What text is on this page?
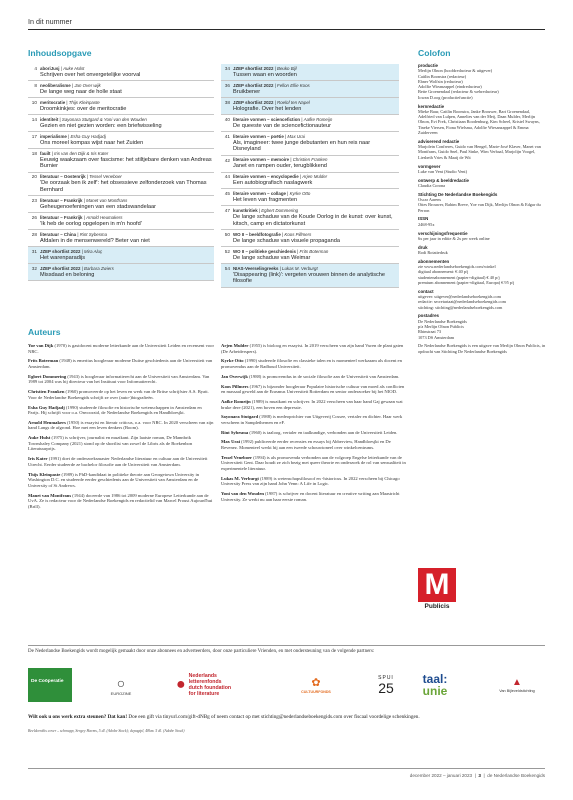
In dit nummer
Inhoudsopgave	Colofon
4 aboriJusj | Auke Hulst
Schrijven over het onvergetelijke voorval
8 neoliberalisme | Jan Over wijk
De lange weg naar de holle staat
10 meritocratie | Thijs Kleinpaste
Droomkinkjes: over de meritocratie
14 identiteit | Sayonara Stutgard & Yoni van den Wouden
Gezien en niet gezien worden: een briefwisseling
17 imperialisme | Esha Guy Hadjadj
Ons moreel kompas wijst naar het Zuiden
18 fauilt | Iris van den Dijk & Iris Kater
Eeuwig waakzaam over fascisme: het stiltjebare denken van Andreas Burnier
20 literatuur – Oostenrijk | Tessel Veneboer
'De oorzaak ben ik zelf': het obsessieve zelfonderzoek van Thomas Bernhard
23 literatuur – Frankrijk | Manet van Montfrans
Geheugenoefeningen van een stadswandelaar
26 literatuur – Frankrijk | Arnold Heumakers
'Ik heb de oorlog opgelopen in m'n hoofd'
28 literatuur – China | Rint Sybesma
Afdalen in de mensenwereld? Beter van niet
31 JZEP shortlist 2022 | Mira Aluç
Het warenparadijs
32 JZEP shortlist 2022 | Barbara Zwiers
Missdaad en beloning
34 JZEP shortlist 2022 | Beuko Bijl
Tussen waan en woorden
36 JZEP shortlist 2022 | Fellon Ellie Koos
Bruikbener
38 JZEP shortlist 2022 | Roelof ten Napel
Holografie. Over het lenden
40 literaire vormen – sciencefiction | Aafke Romeijn
De queeste van de sciencefictionauteur
41 literaire vormen – poëtie | Max Urai
Als, imagineer: twee junge debutanten en hun reis naar Disneyland
42 literaire vormen – memoire | Christien Franken
Janet en rampen ouder, terugblikkend
44 literaire vormen – encyclopedie | Arjen Mulder
Een autobiografisch naslagwerk
45 literaire vormen – collage | Kyrke Otto
Het leven van fragmenten
47 kunstkritiek | Egbert Dommering
De lange schaduw van de Koude Oorlog in de kunst: over kunst, kitsch, camp en dictatorkunst
50 WO II – beeldfotografie | Koos Pillmers
De lange schaduw van visuele propaganda
52 WO II – politieke geschiedenis | Frits Boterman
De lange schaduw van Weimar
54 NIAS-Veerselingreeks | Lukas M. Verburgt
'Disappearing (link)': vergeten vrouwen binnen de analytische filosofie
productie
Merlijn Olnon (hoofdredacteur & uitgever)
Caitlin Boonstra (redacteur)
Ebner Wolfsin (redacteur)
Adolfie Wieanzappel (eindredacteur)
Bette Groenendaal (redacteur & webredacteur)
Iowan D.oog (productiefunctie)
kernredactie
Mieke Baur, Caitlin Boonstra, Janke Brouwer, Bart Groenendaal, Adelfried van Lulpen, Annelies van der Meij, Daan Mulder, Merlijn Olnon, Evi Frek, Christiaan Roodenburg, Kim Scheel, Kristel Swuyns, Tineke Viersen, Fiona Wielsma, Adolfie Wiesanzappel & Emma Zuiderveen
adviserend redactie
Marjolein Confreres, Guido van Hengel, Marie-José Klaver, Manet van Montfrans, Guido Snel, Paul Sinke, Wim Verbaal, Marjolijn Voogel, Liesbeth Vries & Maaij de Wit
vormgever
Luke van Vent (Studio Vent)
ontwerp & beeldredactie
Claudia Corona
Stichting De Nederlandse Boekengids
Oscar Aarens
Ottes Brouwer, Rahim Breve, Yoe van Dijk, Merlijn Olnon & Edgar du Perron
ISSN
2468-95x
verschijningsfrequentie
6x per jaar in editie & 2x per week online
druk
Rodi Rotatiedruk
abonnementen
zie www.nederlandseboekengids.com/winkel
digitaal abonnement: € 40 p/j
studentenabonnement (papier+digitaal) € 40 p/j
premium abonnement (papier+digitaal, Europa) € 95 p/j
contact
uitgever: uitgever@nederlandseboekengids.com
redactie: secretariaat@nederlandseboekengids.com
stichting: stichting@nederlandseboekengids.com
postadres
De Nederlandse Boekengids
p/a Merlijn Olnon Publicis
Rhinstraat 73
1073 DS Amsterdam
De Nederlandse Boekengids is een uitgave van Merlijn Olnon Publicis, in opdracht van Stichting De Nederlandse Boekengids
Auteurs
Yoe van Dijk (1970) is gastdocent moderne letterkunde aan de Universiteit Leiden en recensent voor NRC.
Frits Boterman (1948) is emeritus hoogleraar moderne Duitse geschiedenis aan de Universiteit van Amsterdam.
Egbert Dommering (1943) is hoogleraar informatierecht aan de Universiteit van Amsterdam. Van 1989 tot 2004 was hij directeur van het Instituut voor Informatierecht.
Christien Franken (1960) promoveerde op het leven en werk van de Britse schrijfster A.S. Byatt. Voor de Nederlandse Boekengids schrijft ze over (auto-)biografieën.
Esha Guy Hadjadj (1990) studeerde filosofie en historische wetenschappen in Amsterdam en Parijs. Hij schrijft voor o.a. Onvoorzid, de Nederlandse Boekengids en Handbloesjkt.
Arnold Heumakers (1950) is essayist en literair criticus, o.a. voor NRC. In 2020 verscheen van zijn hand Langs de afgrond. Hoe met een leven denkers (Boom).
Auke Hulst (1975) is schrijver, journalist en muzikant. Zijn laatste roman, De Mannbrik Townshaley Company (2021) stond op de shortlist van zowel de Libris als de Boekenbon Literatuurprijs.
Iris Kater (1991) doet de onderzoeksmaster Nederlandse literatuur en cultuur aan de Universiteit Utrecht. Eerder studeerde ze bachelor filosofie aan de Universiteit van Amsterdam.
Thijs Kleinpaste (1989) is PhD-kandidaat in politieke theorie aan Georgetown University in Washington D.C. en studeerde eerder geschiedenis aan de Universiteit van Amsterdam en de University of St Andrews.
Manet van Montfrans (1944) doceerde van 1986 tot 2009 moderne Europese Letterkunde aan de UvA. Ze is redacteur voor de Nederlandse Boekengids en redactielid van Marcel Proust Aujourd'hui (Brill).
Arjen Mulder (1955) is bioloog en essayist. In 2019 verscheen van zijn hand Vuren de plant gaten (De Arbeiderspers).
Kyrke Otto (1990) studeerde filosofie en classieke talen en is momenteel werkzaam als docent en promovendus aan de Radboud Universiteit.
Jan Overwijk (1988) is promovendus in de sociale filosofie aan de Universiteit van Amsterdam.
Koos Pillmers (1967) is bijzonder hoogleraar Populaire historische cultuur van moed als conflicten en massaal geweld aan de Erasmus Universiteit Rotterdam en senior onderzoeker bij het NIOD.
Aafke Romeijn (1989) is muzikant en schrijver. In 2022 verscheen van haar hand Gaj gewaan wat bruke dere (2021), een boven een depressie.
Sayonara Stutgard (1988) is medeoprichter van Uitgeverij Cossee, vertaler en dichter. Haar werk verscheen in Samplethernen en eF.
Rint Sybesma (1960) is taaloog, vertaler en taalkundige, verbonden aan de Universiteit Leiden.
Max Urai (1992) publiceerde eerder recensies en essays bij Abberview, Handbloesjkt en De Revenez. Momenteel werkt hij aan een tweede schouwtoneel over winkelcentrums.
Tessel Veneboer (1994) is als promovenda verbonden aan de volgroep Engelse letterkunde van de Universiteit Gent. Daar houdt ze zich bezig met queer theorie en onderzoek de rol van sensualiteit in experimentele literatuur.
Lukas M. Verburgt (1989) is wetenschapsfilosoof en -historicus. In 2022 verscheen bij Chicago University Press van zijn hand John Venn: A Life in Logic.
Yoni van den Wouden (1987) is schrijver en docent literatuur en creative writing aan Maastricht University. Ze werkt nu aan haar eerste roman.
M
Publicis
De Nederlandse Boekengids wordt mogelijk gemaakt door onze abonnees en adverteerders, door onze particuliere Vrienden, en met ondersteuning van de volgende partners:
De Coöperatie	○
EUROZINE	●
Nederlands
letterenfonds
dutch foundation
for literature
✿
CULTUURFONDS
SPUI
25
taal:
unie
▲
Van Bijleveldstichting
Wilt ook u ons werk extra steunen? Dat kan! Doe een gift via tinyurl.com/gift-dNBg of neem contact op met stichting@nederlandseboekengids.com over fiscaal voordelige schenkingen.
Beeldcredits cover – schmapp, Sergey Harms, 5 dl. (Adobe Stock); depagipl, 48km. 5 dl. (Adobe Stock)
december 2022 – januari 2023  |  3  |  de Nederlandse Boekengids
